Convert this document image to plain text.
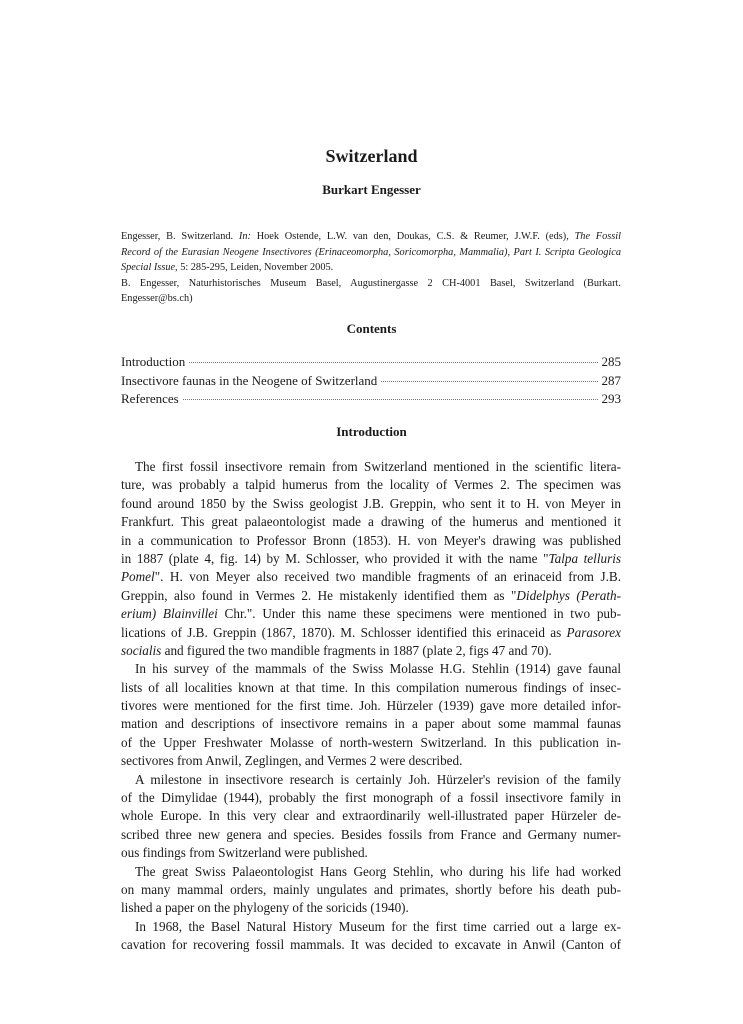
Switzerland
Burkart Engesser
Engesser, B. Switzerland. In: Hoek Ostende, L.W. van den, Doukas, C.S. & Reumer, J.W.F. (eds), The Fossil
Record of the Eurasian Neogene Insectivores (Erinaceomorpha, Soricomorpha, Mammalia), Part I. Scripta Geologica
Special Issue, 5: 285-295, Leiden, November 2005.
B. Engesser, Naturhistorisches Museum Basel, Augustinergasse 2 CH-4001 Basel, Switzerland (Burkart.
Engesser@bs.ch)
Contents
Introduction	285
Insectivore faunas in the Neogene of Switzerland	287
References	293
Introduction
The first fossil insectivore remain from Switzerland mentioned in the scientific litera-
ture, was probably a talpid humerus from the locality of Vermes 2. The specimen was
found around 1850 by the Swiss geologist J.B. Greppin, who sent it to H. von Meyer in
Frankfurt. This great palaeontologist made a drawing of the humerus and mentioned it
in a communication to Professor Bronn (1853). H. von Meyer's drawing was published
in 1887 (plate 4, fig. 14) by M. Schlosser, who provided it with the name "Talpa telluris
Pomel". H. von Meyer also received two mandible fragments of an erinaceid from J.B.
Greppin, also found in Vermes 2. He mistakenly identified them as "Didelphys (Perath-
erium) Blainvillei Chr.". Under this name these specimens were mentioned in two pub-
lications of J.B. Greppin (1867, 1870). M. Schlosser identified this erinaceid as Parasorex
socialis and figured the two mandible fragments in 1887 (plate 2, figs 47 and 70).
In his survey of the mammals of the Swiss Molasse H.G. Stehlin (1914) gave faunal
lists of all localities known at that time. In this compilation numerous findings of insec-
tivores were mentioned for the first time. Joh. Hürzeler (1939) gave more detailed infor-
mation and descriptions of insectivore remains in a paper about some mammal faunas
of the Upper Freshwater Molasse of north-western Switzerland. In this publication in-
sectivores from Anwil, Zeglingen, and Vermes 2 were described.
A milestone in insectivore research is certainly Joh. Hürzeler's revision of the family
of the Dimylidae (1944), probably the first monograph of a fossil insectivore family in
whole Europe. In this very clear and extraordinarily well-illustrated paper Hürzeler de-
scribed three new genera and species. Besides fossils from France and Germany numer-
ous findings from Switzerland were published.
The great Swiss Palaeontologist Hans Georg Stehlin, who during his life had worked
on many mammal orders, mainly ungulates and primates, shortly before his death pub-
lished a paper on the phylogeny of the soricids (1940).
In 1968, the Basel Natural History Museum for the first time carried out a large ex-
cavation for recovering fossil mammals. It was decided to excavate in Anwil (Canton of
